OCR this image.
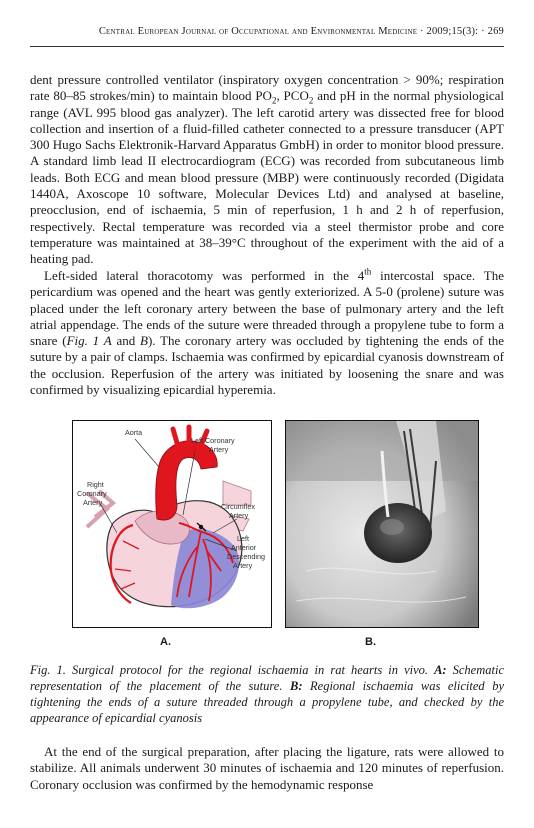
Central European Journal of Occupational and Environmental Medicine · 2009;15(3): · 269

dent pressure controlled ventilator (inspiratory oxygen concentration > 90%; respiration rate 80–85 strokes/min) to maintain blood $PO_2$, $PCO_2$ and pH in the normal physiological range (AVL 995 blood gas analyzer). The left carotid artery was dissected free for blood collection and insertion of a fluid-filled catheter connected to a pressure transducer (APT 300 Hugo Sachs Elektronik-Harvard Apparatus GmbH) in order to monitor blood pressure. A standard limb lead II electrocardiogram (ECG) was recorded from subcutaneous limb leads. Both ECG and mean blood pressure (MBP) were continuously recorded (Digidata 1440A, Axoscope 10 software, Molecular Devices Ltd) and analysed at baseline, preocclusion, end of ischaemia, 5 min of reperfusion, 1 h and 2 h of reperfusion, respectively. Rectal temperature was recorded via a steel thermistor probe and core temperature was maintained at 38–39°C throughout of the experiment with the aid of a heating pad.

Left-sided lateral thoracotomy was performed in the 4th intercostal space. The pericardium was opened and the heart was gently exteriorized. A 5-0 (prolene) suture was placed under the left coronary artery between the base of pulmonary artery and the left atrial appendage. The ends of the suture were threaded through a propylene tube to form a snare (Fig. 1 A and B). The coronary artery was occluded by tightening the ends of the suture by a pair of clamps. Ischaemia was confirmed by epicardial cyanosis downstream of the occlusion. Reperfusion of the artery was initiated by loosening the snare and was confirmed by visualizing epicardial hyperemia.

Aorta
Left Coronary
Artery
Right
Coronary
Artery	Circumflex
Artery
Left
Anterior
Descending
Artery
A.	B.

Fig. 1. Surgical protocol for the regional ischaemia in rat hearts in vivo. A: Schematic representation of the placement of the suture. B: Regional ischaemia was elicited by tightening the ends of a suture threaded through a propylene tube, and checked by the appearance of epicardial cyanosis

At the end of the surgical preparation, after placing the ligature, rats were allowed to stabilize. All animals underwent 30 minutes of ischaemia and 120 minutes of reperfusion. Coronary occlusion was confirmed by the hemodynamic response
